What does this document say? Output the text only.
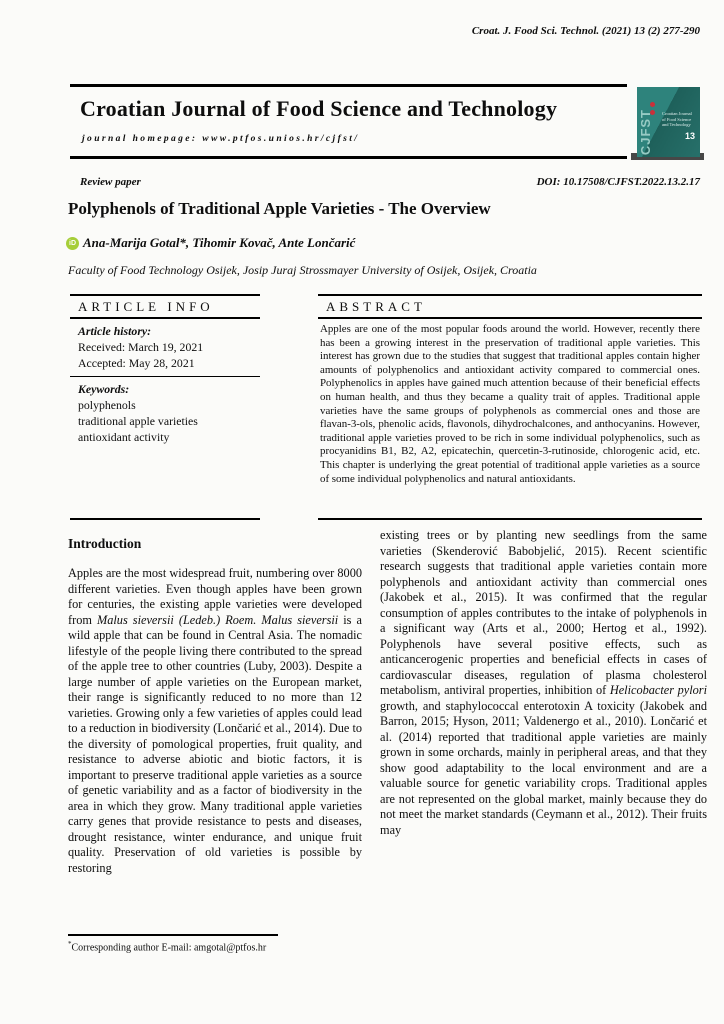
Croat. J. Food Sci. Technol. (2021) 13 (2) 277-290
Croatian Journal of Food Science and Technology
journal homepage: www.ptfos.unios.hr/cjfst/
Croatian Journal of Food Science and Technology
CJFST	13
Review paper	DOI: 10.17508/CJFST.2022.13.2.17
Polyphenols of Traditional Apple Varieties - The Overview
iD Ana-Marija Gotal*, Tihomir Kovač, Ante Lončarić
Faculty of Food Technology Osijek, Josip Juraj Strossmayer University of Osijek, Osijek, Croatia
ARTICLE INFO
Article history:
Received: March 19, 2021
Accepted: May 28, 2021
Keywords:
polyphenols
traditional apple varieties
antioxidant activity
ABSTRACT

Apples are one of the most popular foods around the world. However, recently there has been a growing interest in the preservation of traditional apple varieties. This interest has grown due to the studies that suggest that traditional apples contain higher amounts of polyphenolics and antioxidant activity compared to commercial ones. Polyphenolics in apples have gained much attention because of their beneficial effects on human health, and thus they became a quality trait of apples. Traditional apple varieties have the same groups of polyphenols as commercial ones and those are flavan-3-ols, phenolic acids, flavonols, dihydrochalcones, and anthocyanins. However, traditional apple varieties proved to be rich in some individual polyphenolics, such as procyanidins B1, B2, A2, epicatechin, quercetin-3-rutinoside, chlorogenic acid, etc. This chapter is underlying the great potential of traditional apple varieties as a source of some individual polyphenolics and natural antioxidants.

Introduction

Apples are the most widespread fruit, numbering over 8000 different varieties. Even though apples have been grown for centuries, the existing apple varieties were developed from Malus sieversii (Ledeb.) Roem. Malus sieversii is a wild apple that can be found in Central Asia. The nomadic lifestyle of the people living there contributed to the spread of the apple tree to other countries (Luby, 2003). Despite a large number of apple varieties on the European market, their range is significantly reduced to no more than 12 varieties. Growing only a few varieties of apples could lead to a reduction in biodiversity (Lončarić et al., 2014). Due to the diversity of pomological properties, fruit quality, and resistance to adverse abiotic and biotic factors, it is important to preserve traditional apple varieties as a source of genetic variability and as a factor of biodiversity in the area in which they grow. Many traditional apple varieties carry genes that provide resistance to pests and diseases, drought resistance, winter endurance, and unique fruit quality. Preservation of old varieties is possible by restoring

existing trees or by planting new seedlings from the same varieties (Skenderović Babobjelić, 2015). Recent scientific research suggests that traditional apple varieties contain more polyphenols and antioxidant activity than commercial ones (Jakobek et al., 2015). It was confirmed that the regular consumption of apples contributes to the intake of polyphenols in a significant way (Arts et al., 2000; Hertog et al., 1992). Polyphenols have several positive effects, such as anticancerogenic properties and beneficial effects in cases of cardiovascular diseases, regulation of plasma cholesterol metabolism, antiviral properties, inhibition of Helicobacter pylori growth, and staphylococcal enterotoxin A toxicity (Jakobek and Barron, 2015; Hyson, 2011; Valdenergo et al., 2010). Lončarić et al. (2014) reported that traditional apple varieties are mainly grown in some orchards, mainly in peripheral areas, and that they show good adaptability to the local environment and are a valuable source for genetic variability crops. Traditional apples are not represented on the global market, mainly because they do not meet the market standards (Ceymann et al., 2012). Their fruits may

*Corresponding author E-mail: amgotal@ptfos.hr
